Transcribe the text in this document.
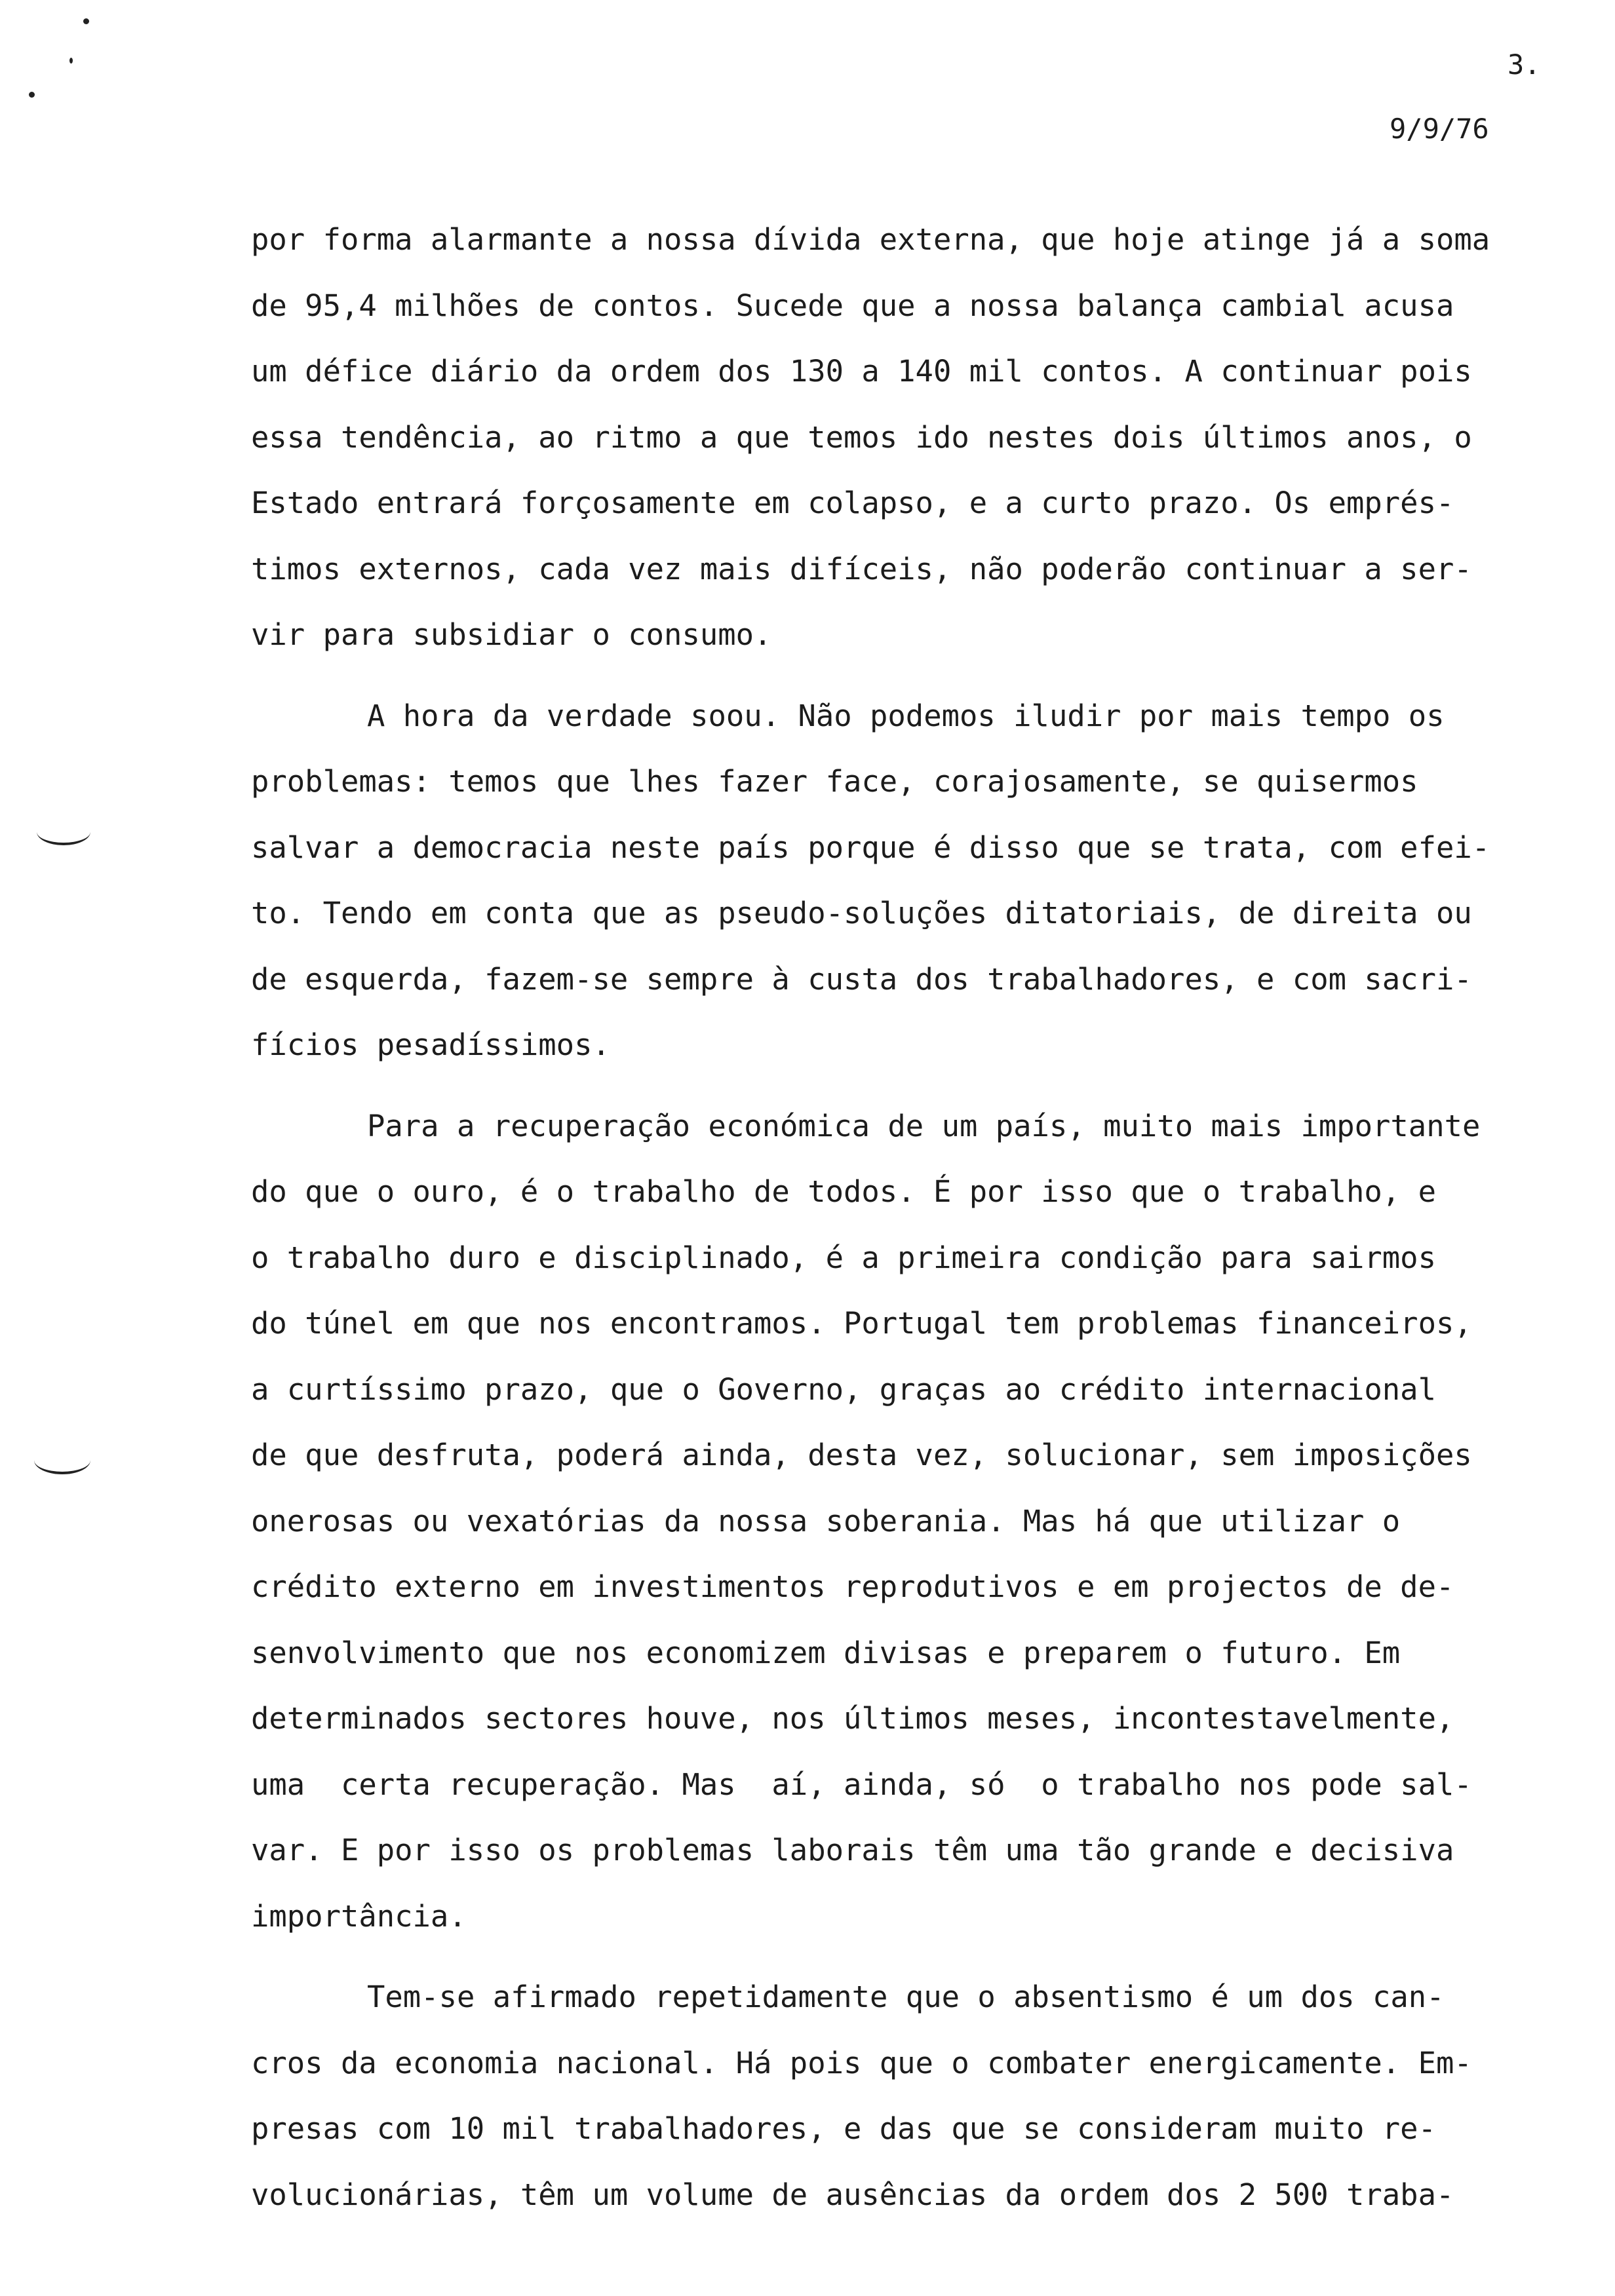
3.
9/9/76
por forma alarmante a nossa dívida externa, que hoje atinge já a soma
de 95,4 milhões de contos. Sucede que a nossa balança cambial acusa
um défice diário da ordem dos 130 a 140 mil contos. A continuar pois
essa tendência, ao ritmo a que temos ido nestes dois últimos anos, o
Estado entrará forçosamente em colapso, e a curto prazo. Os emprés-
timos externos, cada vez mais difíceis, não poderão continuar a ser-
vir para subsidiar o consumo.
A hora da verdade soou. Não podemos iludir por mais tempo os
problemas: temos que lhes fazer face, corajosamente, se quisermos
salvar a democracia neste país porque é disso que se trata, com efei-
to. Tendo em conta que as pseudo-soluções ditatoriais, de direita ou
de esquerda, fazem-se sempre à custa dos trabalhadores, e com sacri-
fícios pesadíssimos.
Para a recuperação económica de um país, muito mais importante
do que o ouro, é o trabalho de todos. É por isso que o trabalho, e
o trabalho duro e disciplinado, é a primeira condição para sairmos
do túnel em que nos encontramos. Portugal tem problemas financeiros,
a curtíssimo prazo, que o Governo, graças ao crédito internacional
de que desfruta, poderá ainda, desta vez, solucionar, sem imposições
onerosas ou vexatórias da nossa soberania. Mas há que utilizar o
crédito externo em investimentos reprodutivos e em projectos de de-
senvolvimento que nos economizem divisas e preparem o futuro. Em
determinados sectores houve, nos últimos meses, incontestavelmente,
uma  certa recuperação. Mas  aí, ainda, só  o trabalho nos pode sal-
var. E por isso os problemas laborais têm uma tão grande e decisiva
importância.
Tem-se afirmado repetidamente que o absentismo é um dos can-
cros da economia nacional. Há pois que o combater energicamente. Em-
presas com 10 mil trabalhadores, e das que se consideram muito re-
volucionárias, têm um volume de ausências da ordem dos 2 500 traba-
